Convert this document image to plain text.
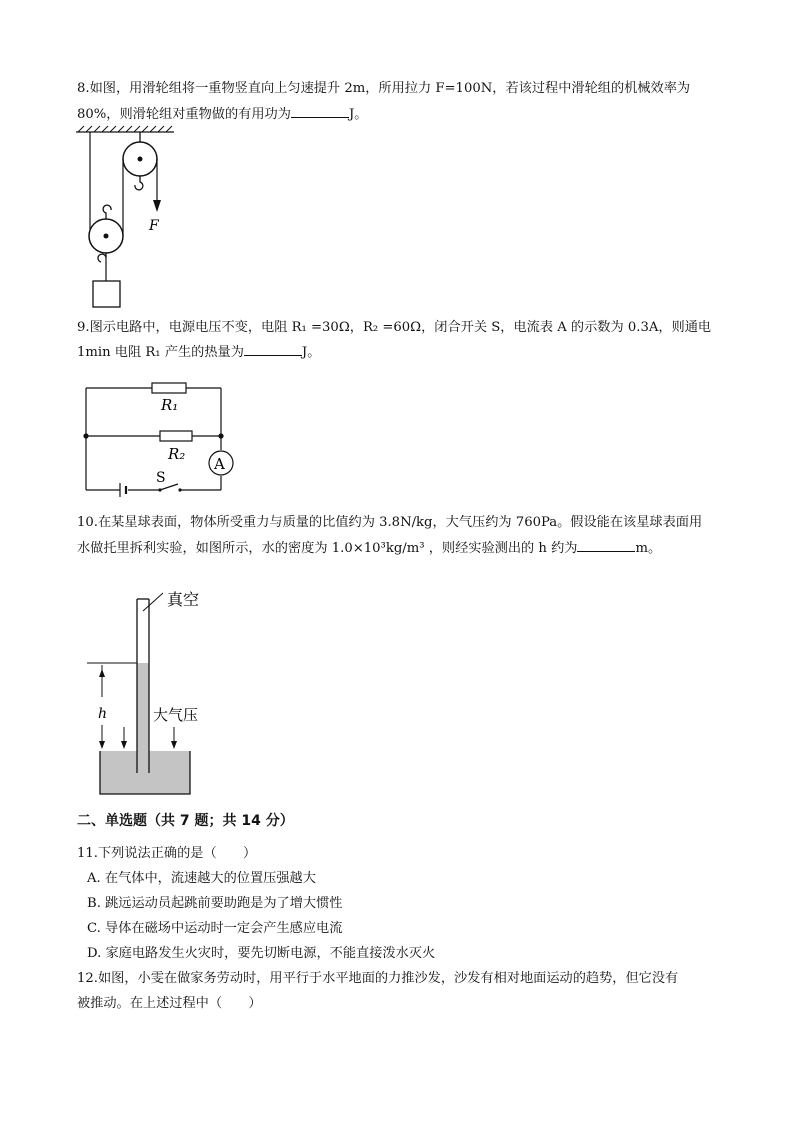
8.如图，用滑轮组将一重物竖直向上匀速提升 2m，所用拉力 F=100N，若该过程中滑轮组的机械效率为
80%，则滑轮组对重物做的有用功为	J。
F
9.图示电路中，电源电压不变，电阻 R₁ =30Ω，R₂ =60Ω，闭合开关 S，电流表 A 的示数为 0.3A，则通电
1min 电阻 R₁ 产生的热量为	J。
R₁
R₂
A
S
10.在某星球表面，物体所受重力与质量的比值约为 3.8N/kg，大气压约为 760Pa。假设能在该星球表面用
水做托里拆利实验，如图所示，水的密度为 1.0×10³kg/m³ ，则经实验测出的 h 约为	m。
真空
h	大气压
二、单选题（共 7 题；共 14 分）
11.下列说法正确的是（　　）
A. 在气体中，流速越大的位置压强越大
B. 跳远运动员起跳前要助跑是为了增大惯性
C. 导体在磁场中运动时一定会产生感应电流
D. 家庭电路发生火灾时，要先切断电源，不能直接泼水灭火
12.如图，小雯在做家务劳动时，用平行于水平地面的力推沙发，沙发有相对地面运动的趋势，但它没有
被推动。在上述过程中（　　）
